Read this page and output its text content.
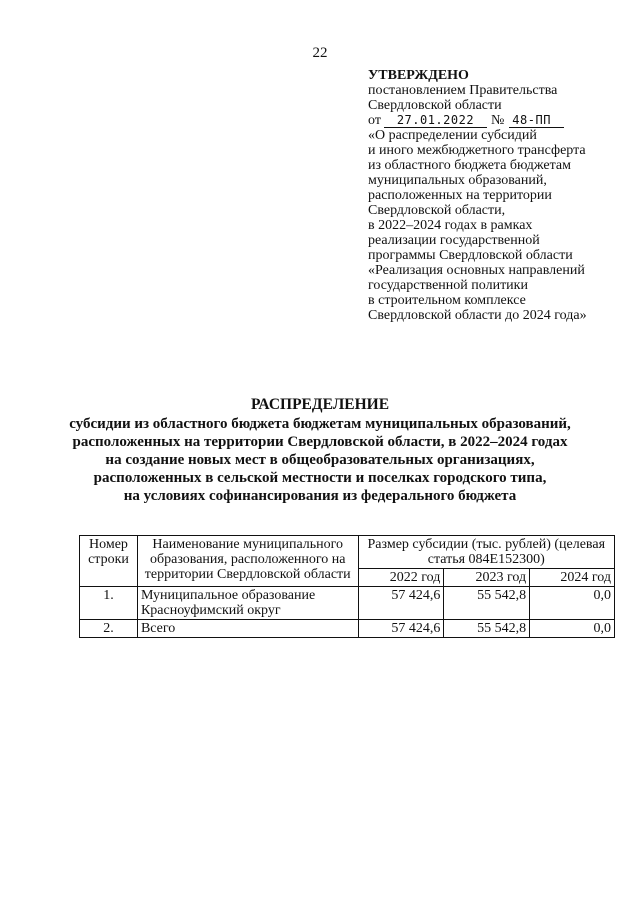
22
УТВЕРЖДЕНО
постановлением Правительства
Свердловской области
от	27.01.2022	№ 48-ПП
«О распределении субсидий
и иного межбюджетного трансферта
из областного бюджета бюджетам
муниципальных образований,
расположенных на территории
Свердловской области,
в 2022–2024 годах в рамках
реализации государственной
программы Свердловской области
«Реализация основных направлений
государственной политики
в строительном комплексе
Свердловской области до 2024 года»
РАСПРЕДЕЛЕНИЕ
субсидии из областного бюджета бюджетам муниципальных образований,
расположенных на территории Свердловской области, в 2022–2024 годах
на создание новых мест в общеобразовательных организациях,
расположенных в сельской местности и поселках городского типа,
на условиях софинансирования из федерального бюджета
Номер строки	Наименование муниципального образования, расположенного на территории Свердловской области	Размер субсидии (тыс. рублей) (целевая статья 084Е152300)		
		2022 год	2023 год	2024 год
1.	Муниципальное образование Красноуфимский округ	57 424,6	55 542,8	0,0
2.	Всего	57 424,6	55 542,8	0,0
